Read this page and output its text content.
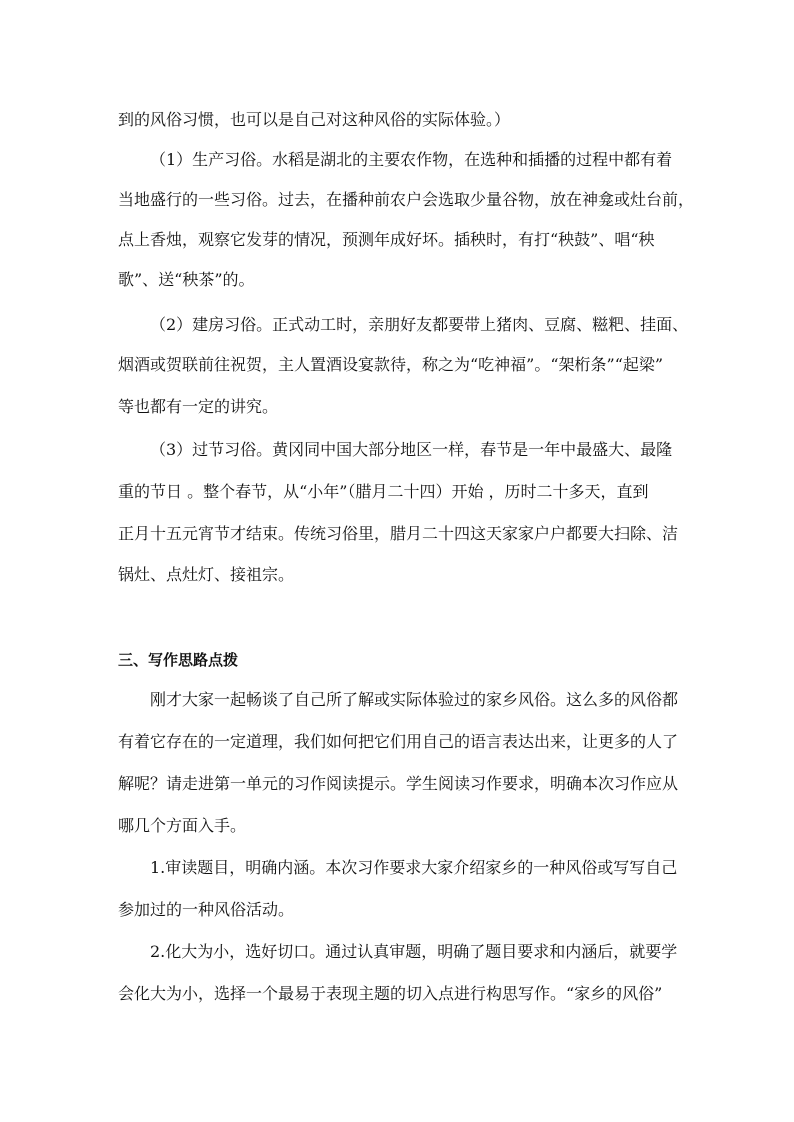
到的风俗习惯，也可以是自己对这种风俗的实际体验。）
（1）生产习俗。水稻是湖北的主要农作物，在选种和插播的过程中都有着
当地盛行的一些习俗。过去，在播种前农户会选取少量谷物，放在神龛或灶台前，
点上香烛，观察它发芽的情况，预测年成好坏。插秧时，有打“秧鼓”、唱“秧
歌”、送“秧茶”的。
（2）建房习俗。正式动工时，亲朋好友都要带上猪肉、豆腐、糍粑、挂面、
烟酒或贺联前往祝贺，主人置酒设宴款待，称之为“吃神福”。“架桁条”“起梁”
等也都有一定的讲究。
（3）过节习俗。黄冈同中国大部分地区一样，春节是一年中最盛大、最隆
重的节日 。整个春节，从“小年”（腊月二十四）开始 ，历时二十多天，直到
正月十五元宵节才结束。传统习俗里，腊月二十四这天家家户户都要大扫除、洁
锅灶、点灶灯、接祖宗。
三、写作思路点拨
刚才大家一起畅谈了自己所了解或实际体验过的家乡风俗。这么多的风俗都
有着它存在的一定道理，我们如何把它们用自己的语言表达出来，让更多的人了
解呢？请走进第一单元的习作阅读提示。学生阅读习作要求，明确本次习作应从
哪几个方面入手。
1.审读题目，明确内涵。本次习作要求大家介绍家乡的一种风俗或写写自己
参加过的一种风俗活动。
2.化大为小，选好切口。通过认真审题，明确了题目要求和内涵后，就要学
会化大为小，选择一个最易于表现主题的切入点进行构思写作。“家乡的风俗”
